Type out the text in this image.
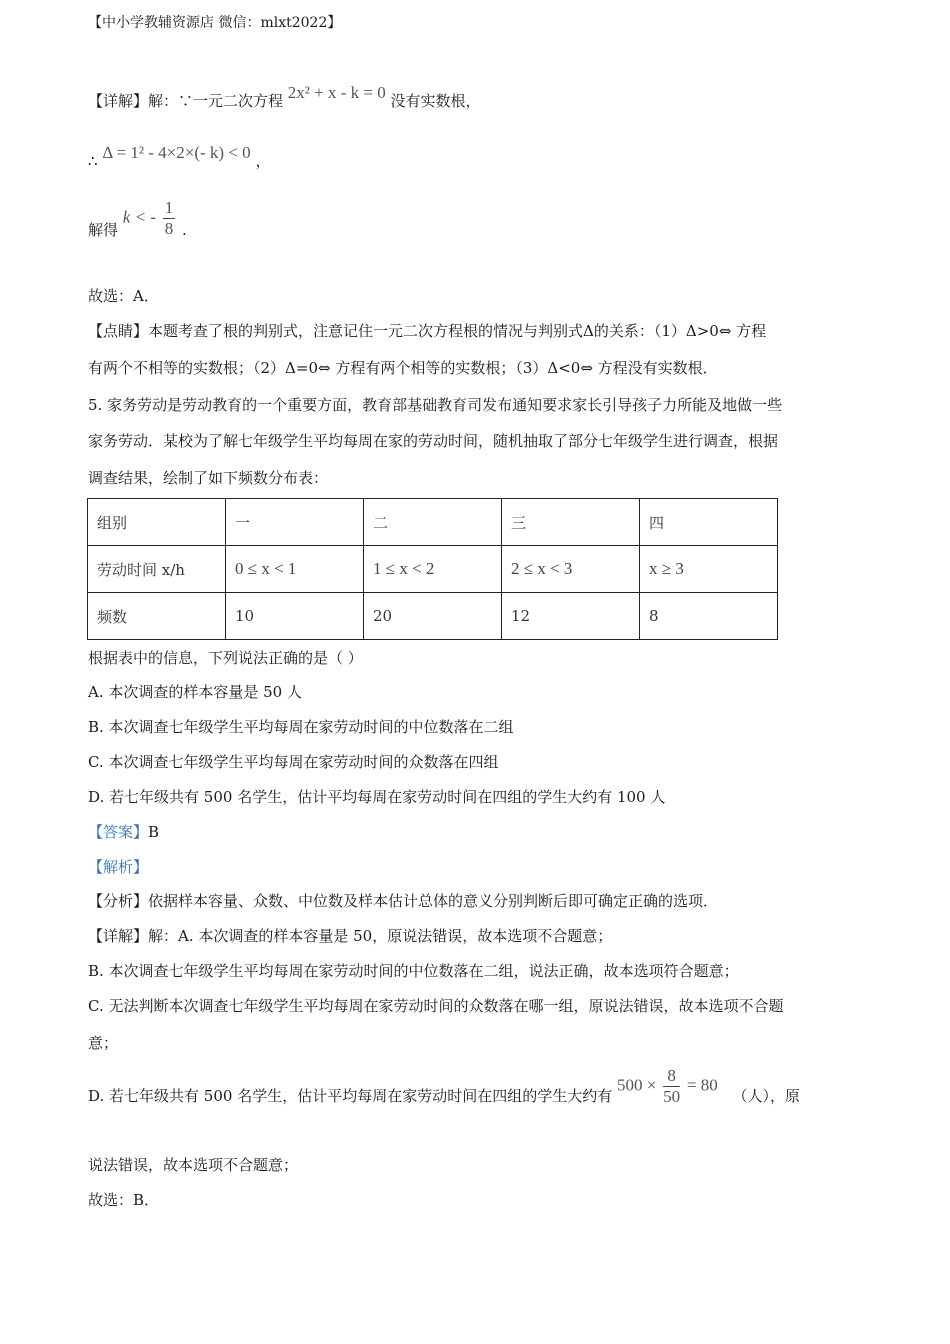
【中小学教辅资源店 微信：mlxt2022】
【详解】解：∵一元二次方程 2x² + x - k = 0 没有实数根，
∴ Δ = 1² - 4×2×(- k) < 0 ，
解得 k < - $\frac{1}{8}$ .
故选：A．
【点睛】本题考查了根的判别式，注意记住一元二次方程根的情况与判别式Δ的关系：（1）Δ>0⇔ 方程
有两个不相等的实数根；（2）Δ=0⇔ 方程有两个相等的实数根；（3）Δ<0⇔ 方程没有实数根．
5. 家务劳动是劳动教育的一个重要方面，教育部基础教育司发布通知要求家长引导孩子力所能及地做一些
家务劳动．某校为了解七年级学生平均每周在家的劳动时间，随机抽取了部分七年级学生进行调查，根据
调查结果，绘制了如下频数分布表：
组别	一	二	三	四
劳动时间 x/h	0 ≤ x < 1	1 ≤ x < 2	2 ≤ x < 3	x ≥ 3
频数	10	20	12	8
根据表中的信息，下列说法正确的是（ ）
A. 本次调查的样本容量是 50 人
B. 本次调查七年级学生平均每周在家劳动时间的中位数落在二组
C. 本次调查七年级学生平均每周在家劳动时间的众数落在四组
D. 若七年级共有 500 名学生，估计平均每周在家劳动时间在四组的学生大约有 100 人
【答案】B
【解析】
【分析】依据样本容量、众数、中位数及样本估计总体的意义分别判断后即可确定正确的选项．
【详解】解：A. 本次调查的样本容量是 50，原说法错误，故本选项不合题意；
B. 本次调查七年级学生平均每周在家劳动时间的中位数落在二组，说法正确，故本选项符合题意；
C. 无法判断本次调查七年级学生平均每周在家劳动时间的众数落在哪一组，原说法错误，故本选项不合题
意；
D. 若七年级共有 500 名学生，估计平均每周在家劳动时间在四组的学生大约有 $500 \times \frac{8}{50} = 80$ （人），原
说法错误，故本选项不合题意；
故选：B．
